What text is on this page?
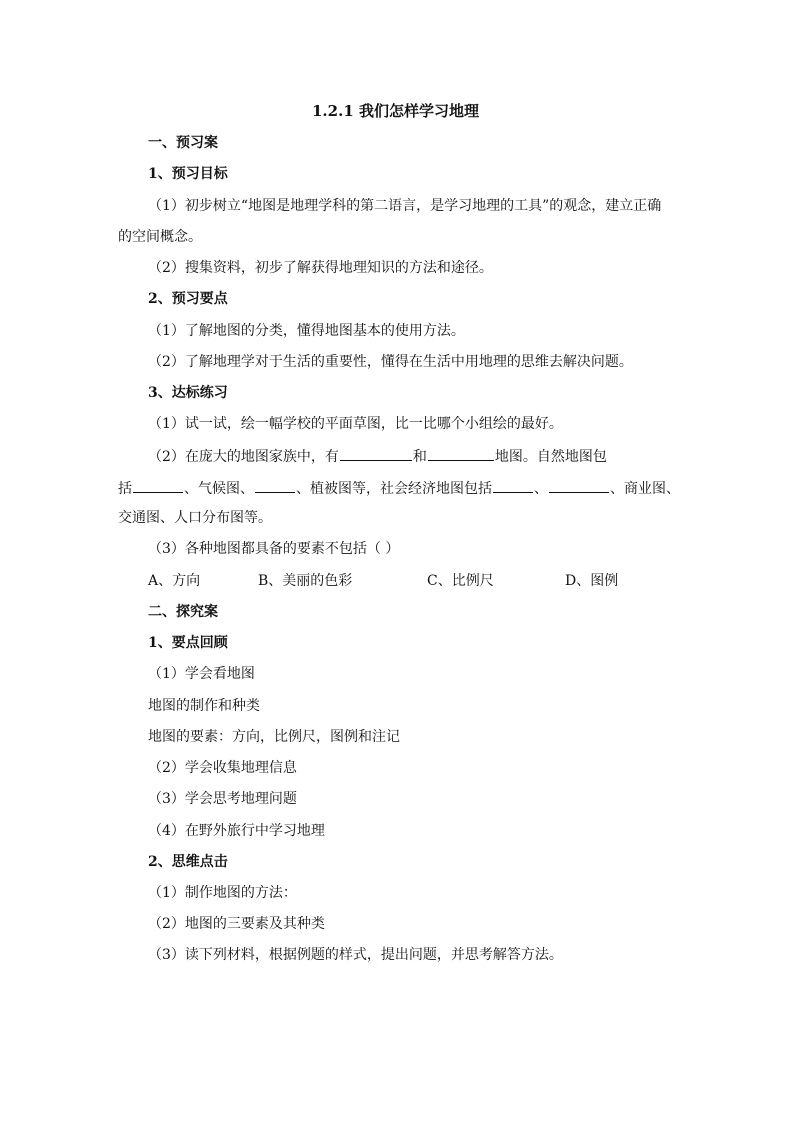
1.2.1 我们怎样学习地理
一、预习案
1、预习目标
（1）初步树立“地图是地理学科的第二语言，是学习地理的工具”的观念，建立正确
的空间概念。
（2）搜集资料，初步了解获得地理知识的方法和途径。
2、预习要点
（1）了解地图的分类，懂得地图基本的使用方法。
（2）了解地理学对于生活的重要性，懂得在生活中用地理的思维去解决问题。
3、达标练习
（1）试一试，绘一幅学校的平面草图，比一比哪个小组绘的最好。
（2）在庞大的地图家族中，有	和	地图。自然地图包
括	、气候图、	、植被图等，社会经济地图包括	、	、商业图、
交通图、人口分布图等。
（3）各种地图都具备的要素不包括（ ）
A、方向	B、美丽的色彩	C、比例尺	D、图例
二、探究案
1、要点回顾
（1）学会看地图
地图的制作和种类
地图的要素：方向，比例尺，图例和注记
（2）学会收集地理信息
（3）学会思考地理问题
（4）在野外旅行中学习地理
2、思维点击
（1）制作地图的方法：
（2）地图的三要素及其种类
（3）读下列材料，根据例题的样式，提出问题，并思考解答方法。
